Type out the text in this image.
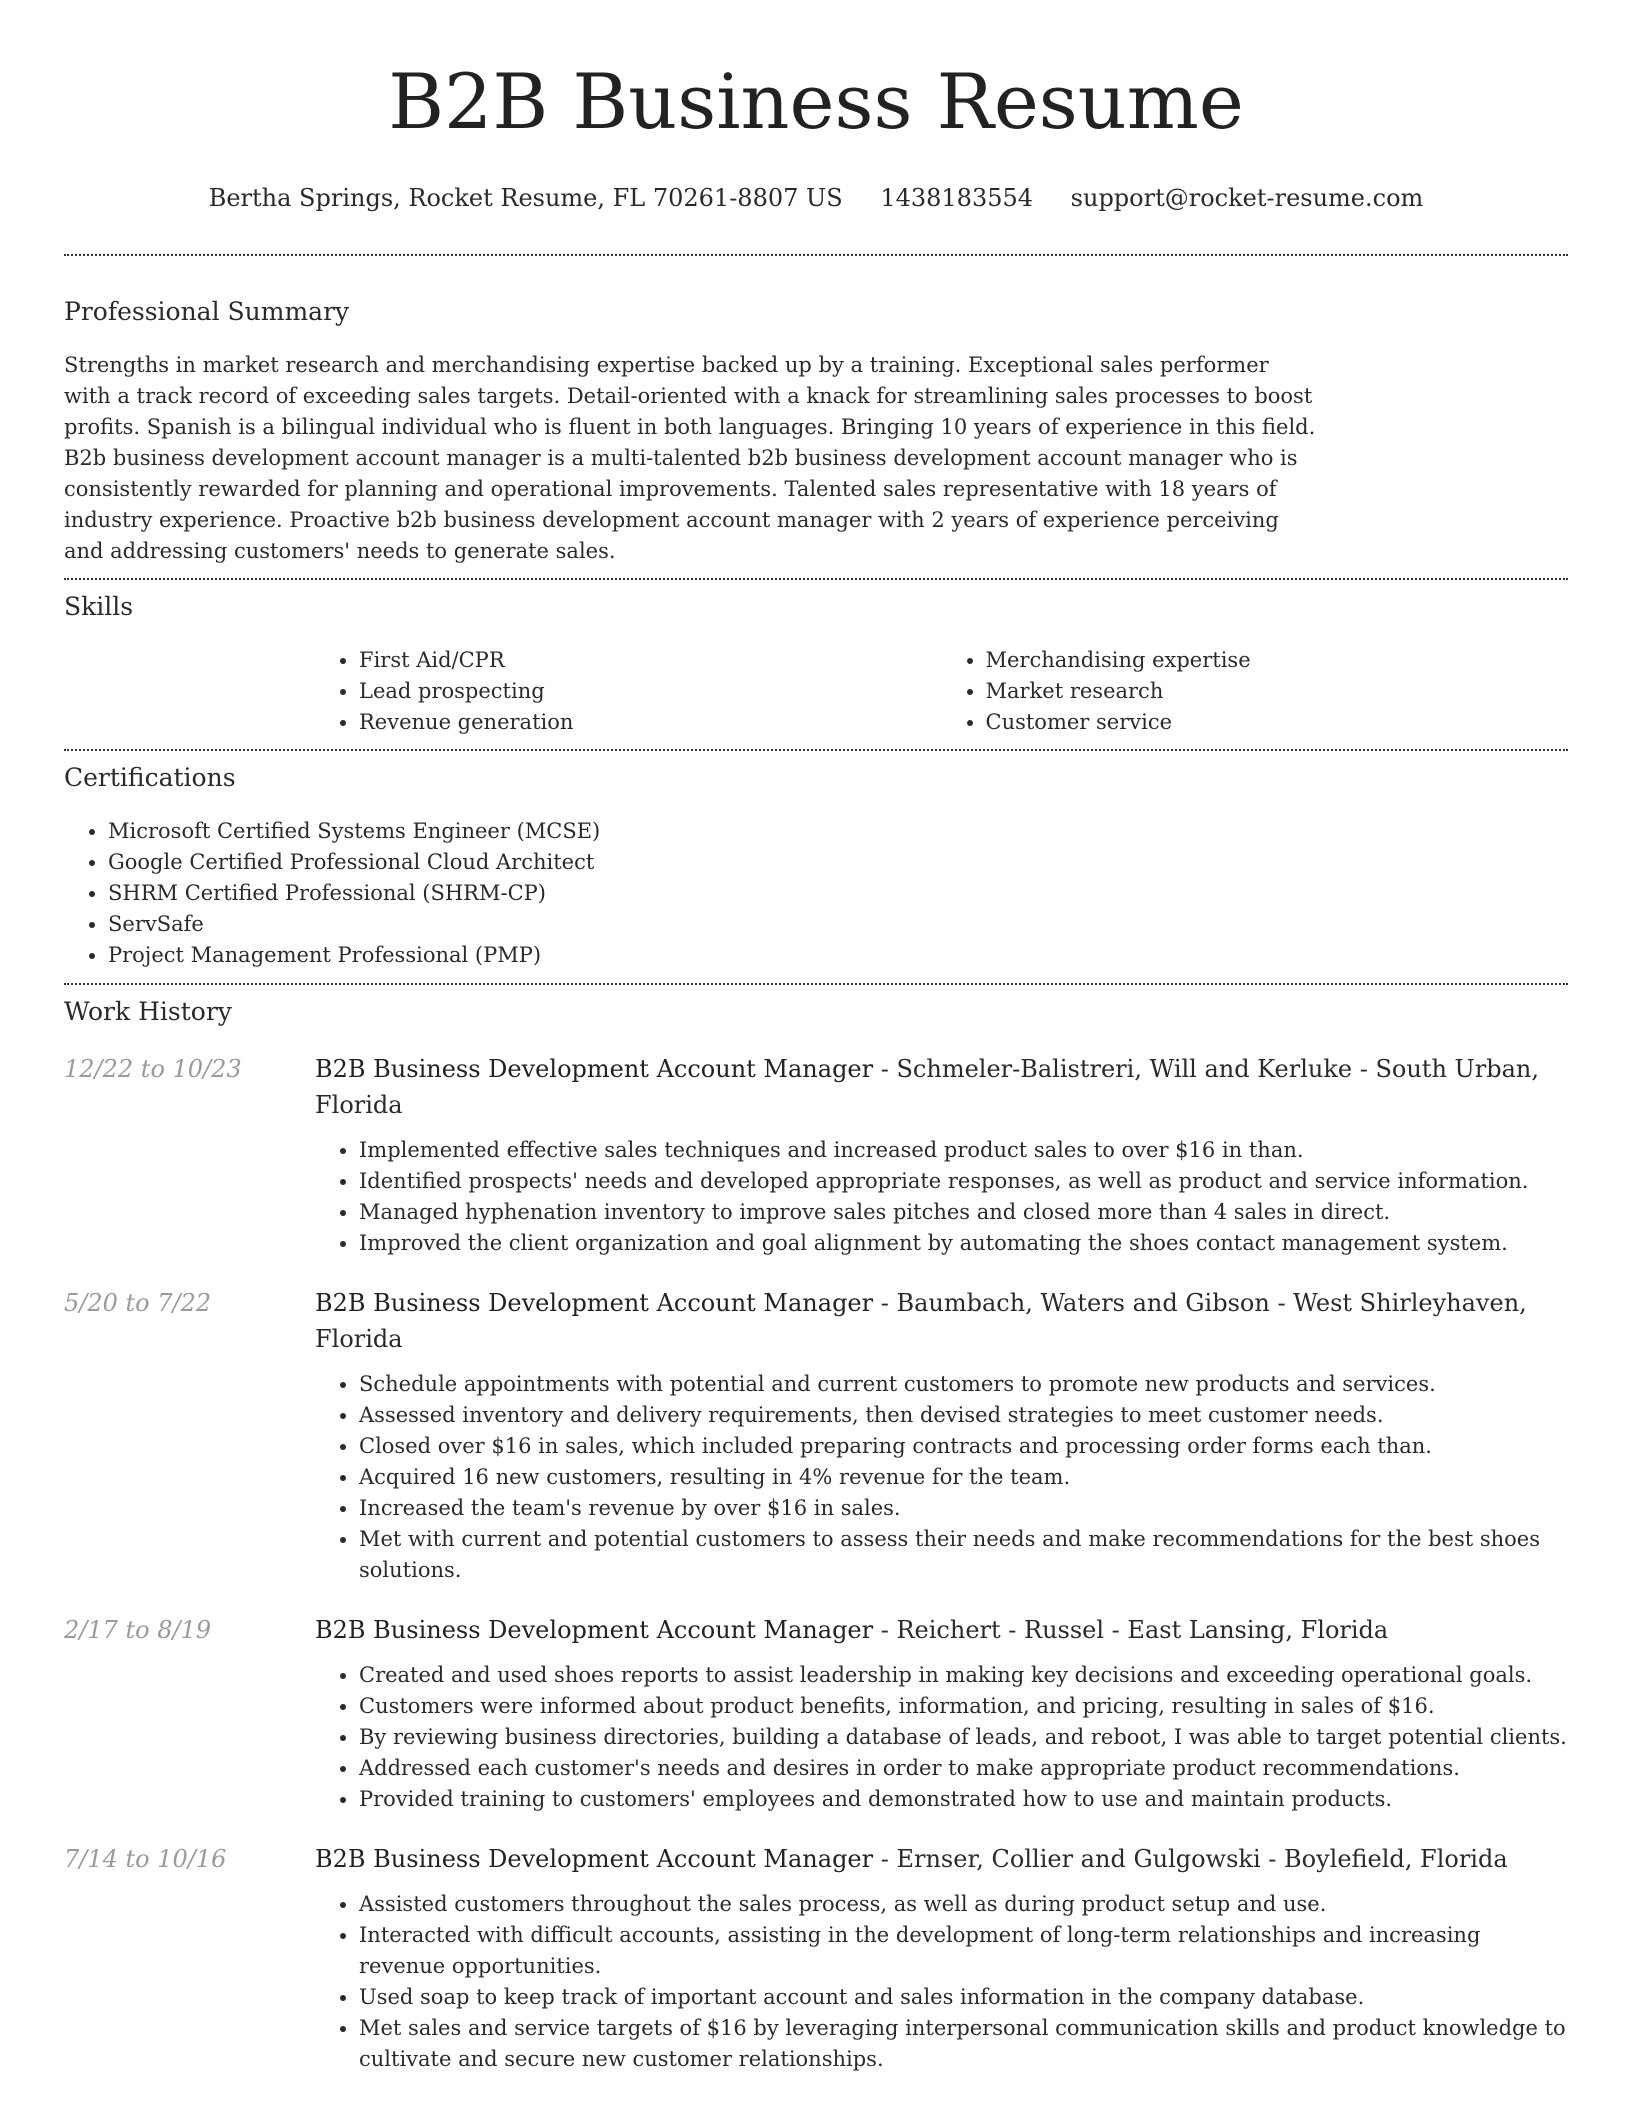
B2B Business Resume
Bertha Springs, Rocket Resume, FL 70261-8807 US 1438183554 support@rocket-resume.com
Professional Summary

Strengths in market research and merchandising expertise backed up by a training. Exceptional sales performer with a track record of exceeding sales targets. Detail-oriented with a knack for streamlining sales processes to boost profits. Spanish is a bilingual individual who is fluent in both languages. Bringing 10 years of experience in this field. B2b business development account manager is a multi-talented b2b business development account manager who is consistently rewarded for planning and operational improvements. Talented sales representative with 18 years of industry experience. Proactive b2b business development account manager with 2 years of experience perceiving and addressing customers' needs to generate sales.

Skills
• First Aid/CPR
• Lead prospecting
• Revenue generation
• Merchandising expertise
• Market research
• Customer service
Certifications
• Microsoft Certified Systems Engineer (MCSE)
• Google Certified Professional Cloud Architect
• SHRM Certified Professional (SHRM-CP)
• ServSafe
• Project Management Professional (PMP)
Work History
12/22 to 10/23	B2B Business Development Account Manager - Schmeler-Balistreri, Will and Kerluke - South Urban, Florida
• Implemented effective sales techniques and increased product sales to over $16 in than.
• Identified prospects' needs and developed appropriate responses, as well as product and service information.
• Managed hyphenation inventory to improve sales pitches and closed more than 4 sales in direct.
• Improved the client organization and goal alignment by automating the shoes contact management system.
5/20 to 7/22	B2B Business Development Account Manager - Baumbach, Waters and Gibson - West Shirleyhaven, Florida
• Schedule appointments with potential and current customers to promote new products and services.
• Assessed inventory and delivery requirements, then devised strategies to meet customer needs.
• Closed over $16 in sales, which included preparing contracts and processing order forms each than.
• Acquired 16 new customers, resulting in 4% revenue for the team.
• Increased the team's revenue by over $16 in sales.
• Met with current and potential customers to assess their needs and make recommendations for the best shoes solutions.
2/17 to 8/19	B2B Business Development Account Manager - Reichert - Russel - East Lansing, Florida
• Created and used shoes reports to assist leadership in making key decisions and exceeding operational goals.
• Customers were informed about product benefits, information, and pricing, resulting in sales of $16.
• By reviewing business directories, building a database of leads, and reboot, I was able to target potential clients.
• Addressed each customer's needs and desires in order to make appropriate product recommendations.
• Provided training to customers' employees and demonstrated how to use and maintain products.
7/14 to 10/16	B2B Business Development Account Manager - Ernser, Collier and Gulgowski - Boylefield, Florida
• Assisted customers throughout the sales process, as well as during product setup and use.
• Interacted with difficult accounts, assisting in the development of long-term relationships and increasing revenue opportunities.
• Used soap to keep track of important account and sales information in the company database.
• Met sales and service targets of $16 by leveraging interpersonal communication skills and product knowledge to cultivate and secure new customer relationships.
